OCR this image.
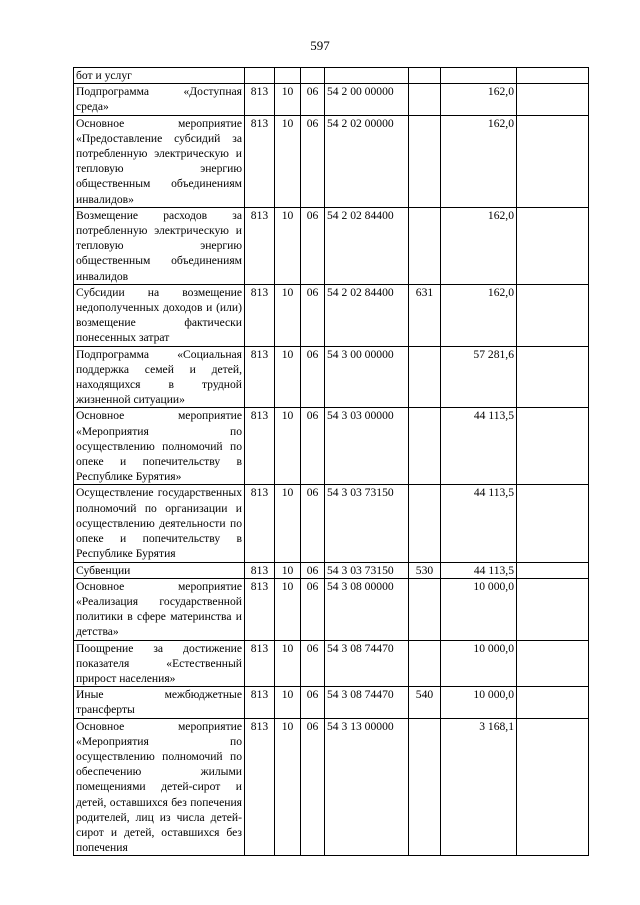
597
бот и услуг							
Подпрограмма «Доступная среда»	813	10	06	54 2 00 00000		162,0	
Основное мероприятие «Предоставление субсидий за потребленную электрическую и тепловую энергию общественным объединениям инвалидов»	813	10	06	54 2 02 00000		162,0	
Возмещение расходов за потребленную электрическую и тепловую энергию общественным объединениям инвалидов	813	10	06	54 2 02 84400		162,0	
Субсидии на возмещение недополученных доходов и (или) возмещение фактически понесенных затрат	813	10	06	54 2 02 84400	631	162,0	
Подпрограмма «Социальная поддержка семей и детей, находящихся в трудной жизненной ситуации»	813	10	06	54 3 00 00000		57 281,6	
Основное мероприятие «Мероприятия по осуществлению полномочий по опеке и попечительству в Республике Бурятия»	813	10	06	54 3 03 00000		44 113,5	
Осуществление государственных полномочий по организации и осуществлению деятельности по опеке и попечительству в Республике Бурятия	813	10	06	54 3 03 73150		44 113,5	
Субвенции	813	10	06	54 3 03 73150	530	44 113,5	
Основное мероприятие «Реализация государственной политики в сфере материнства и детства»	813	10	06	54 3 08 00000		10 000,0	
Поощрение за достижение показателя «Естественный прирост населения»	813	10	06	54 3 08 74470		10 000,0	
Иные межбюджетные трансферты	813	10	06	54 3 08 74470	540	10 000,0	
Основное мероприятие «Мероприятия по осуществлению полномочий по обеспечению жилыми помещениями детей-сирот и детей, оставшихся без попечения родителей, лиц из числа детей-сирот и детей, оставшихся без попечения	813	10	06	54 3 13 00000		3 168,1	
